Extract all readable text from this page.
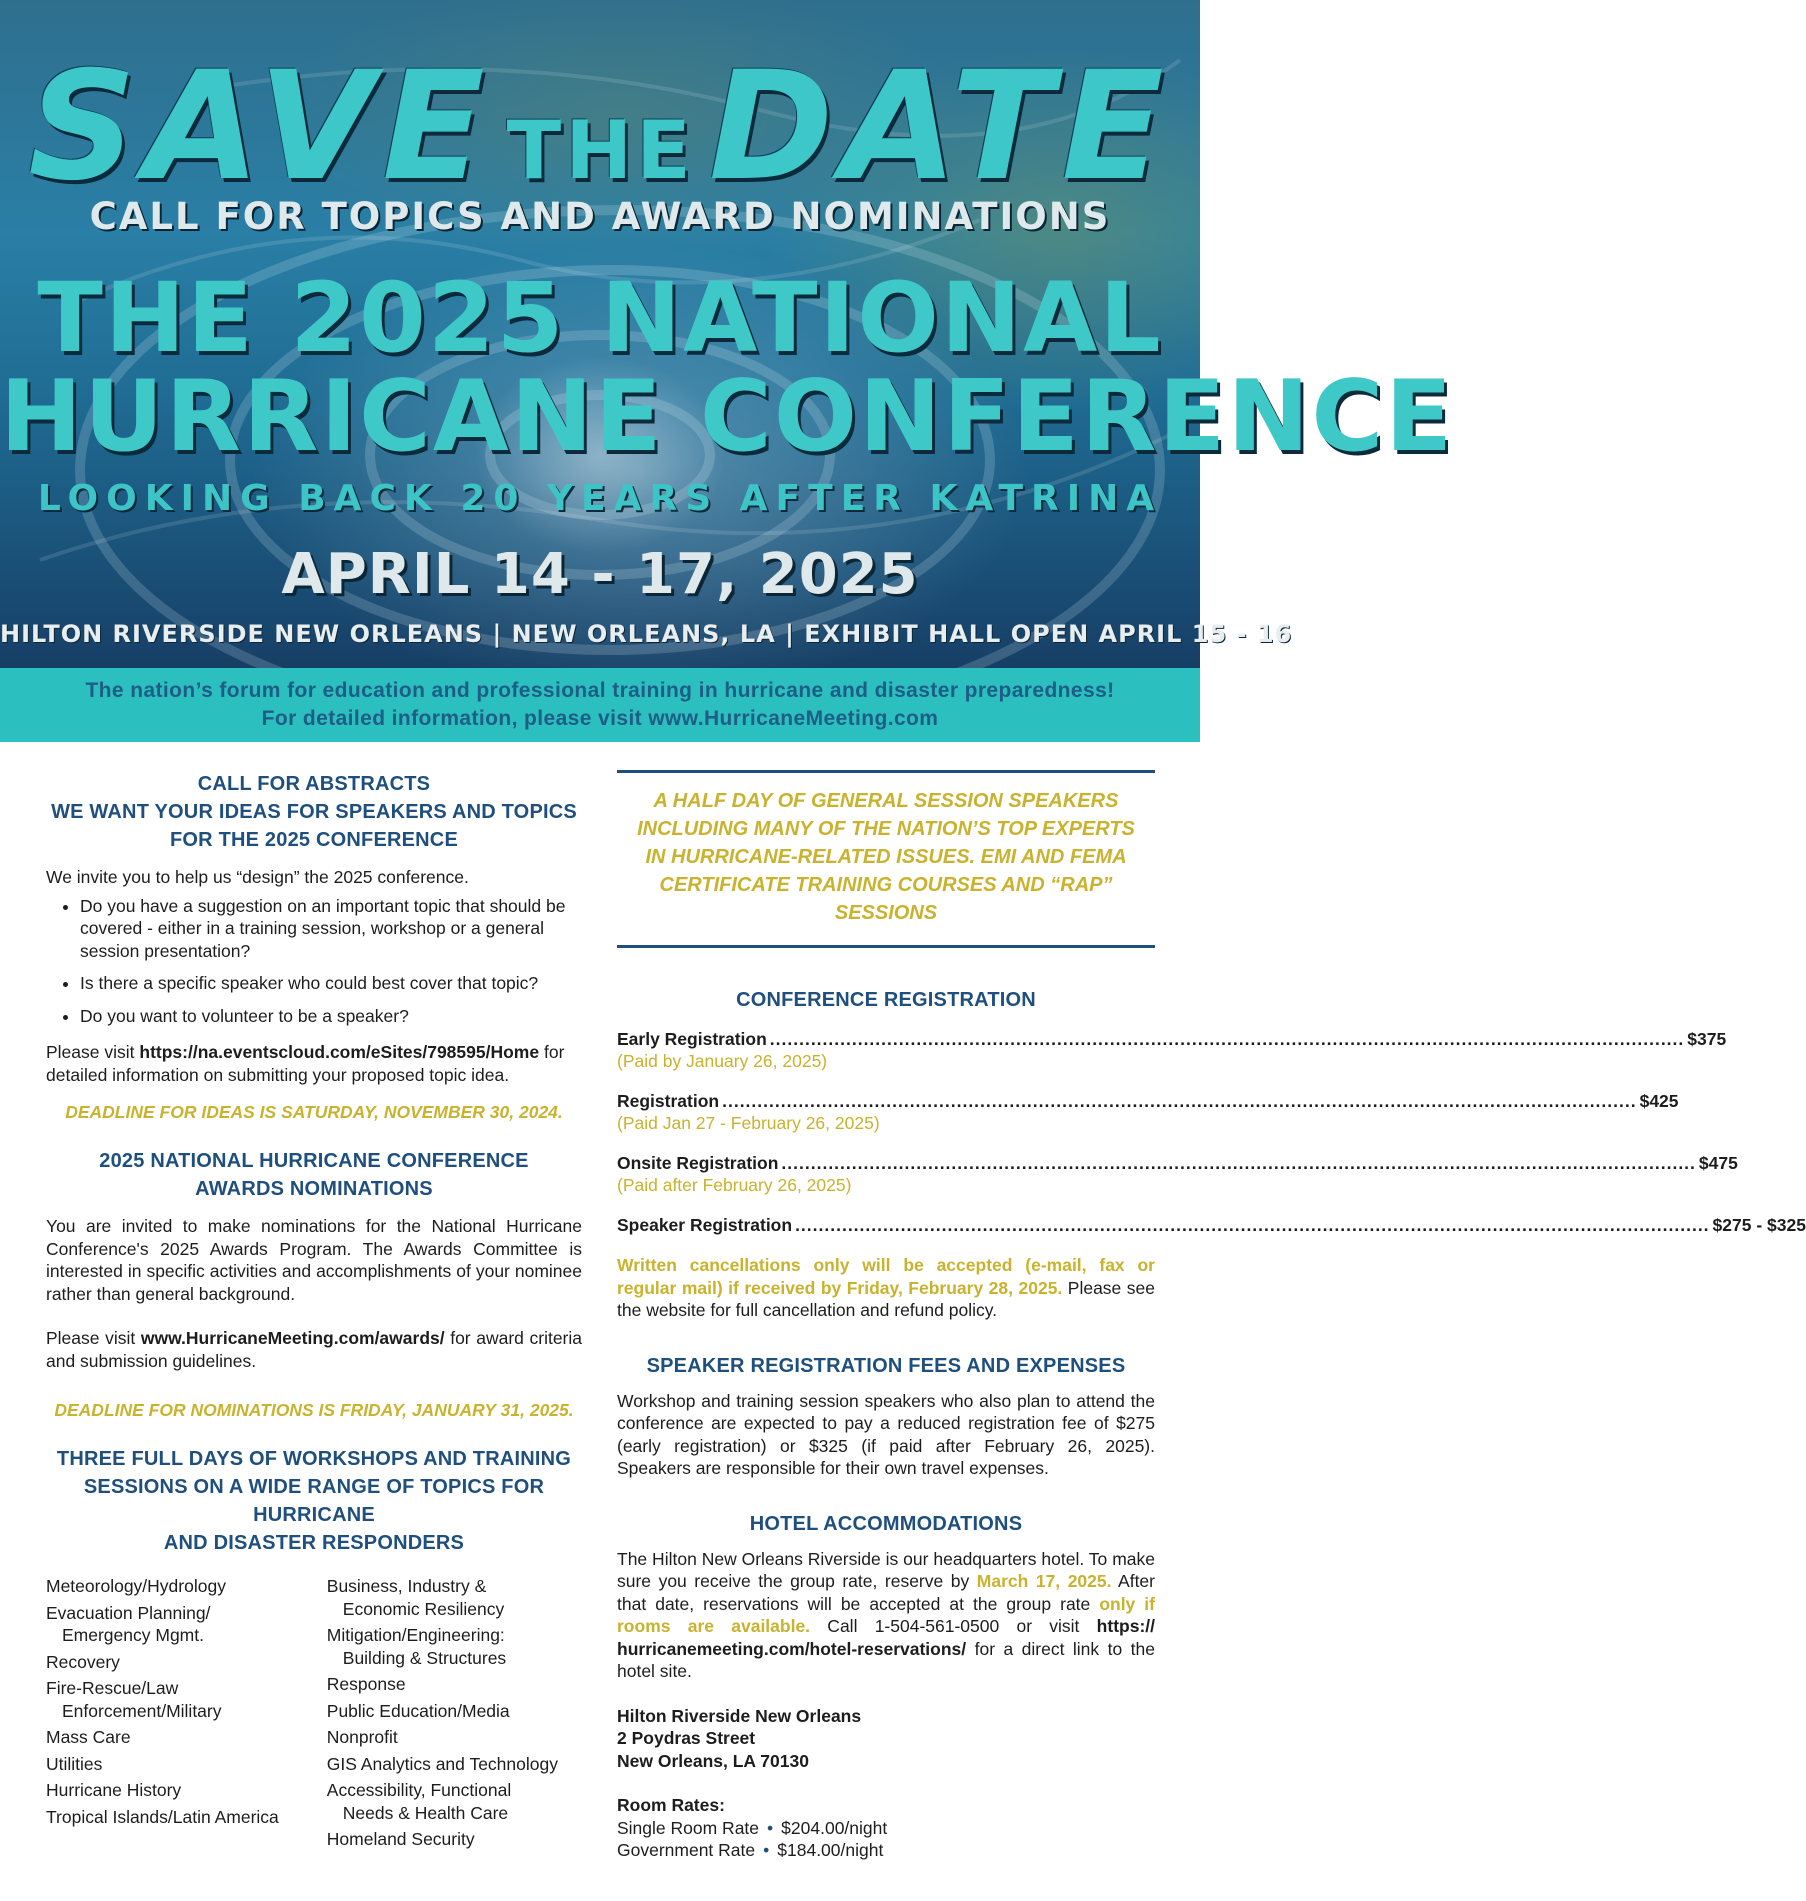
SAVE THEDATE
CALL FOR TOPICS AND AWARD NOMINATIONS
THE 2025 NATIONAL
HURRICANE CONFERENCE
LOOKING BACK 20 YEARS AFTER KATRINA
APRIL 14 - 17, 2025
HILTON RIVERSIDE NEW ORLEANS | NEW ORLEANS, LA | EXHIBIT HALL OPEN APRIL 15 - 16
The nation’s forum for education and professional training in hurricane and disaster preparedness!
For detailed information, please visit www.HurricaneMeeting.com
CALL FOR ABSTRACTS
WE WANT YOUR IDEAS FOR SPEAKERS AND TOPICS
FOR THE 2025 CONFERENCE
We invite you to help us “design” the 2025 conference.
• Do you have a suggestion on an important topic that should be covered - either in a training session, workshop or a general session presentation?
• Is there a specific speaker who could best cover that topic?
• Do you want to volunteer to be a speaker?
Please visit https://na.eventscloud.com/eSites/798595/Home for detailed information on submitting your proposed topic idea.
DEADLINE FOR IDEAS IS SATURDAY, NOVEMBER 30, 2024.
2025 NATIONAL HURRICANE CONFERENCE
AWARDS NOMINATIONS
You are invited to make nominations for the National Hurricane Conference's 2025 Awards Program. The Awards Committee is interested in specific activities and accomplishments of your nominee rather than general background.
Please visit www.HurricaneMeeting.com/awards/ for award criteria and submission guidelines.
DEADLINE FOR NOMINATIONS IS FRIDAY, JANUARY 31, 2025.
THREE FULL DAYS OF WORKSHOPS AND TRAINING
SESSIONS ON A WIDE RANGE OF TOPICS FOR HURRICANE
AND DISASTER RESPONDERS
Meteorology/Hydrology
Evacuation Planning/
Emergency Mgmt.
Recovery
Fire-Rescue/Law
Enforcement/Military
Mass Care
Utilities
Hurricane History
Tropical Islands/Latin America
Business, Industry &
Economic Resiliency
Mitigation/Engineering:
Building & Structures
Response
Public Education/Media
Nonprofit
GIS Analytics and Technology
Accessibility, Functional
Needs & Health Care
Homeland Security
A HALF DAY OF GENERAL SESSION SPEAKERS
INCLUDING MANY OF THE NATION’S TOP EXPERTS
IN HURRICANE-RELATED ISSUES. EMI AND FEMA
CERTIFICATE TRAINING COURSES AND “RAP” SESSIONS
CONFERENCE REGISTRATION
Early Registration .....	$375
(Paid by January 26, 2025)
Registration .....	$425
(Paid Jan 27 - February 26, 2025)
Onsite Registration .....	$475
(Paid after February 26, 2025)
Speaker Registration .....	$275 - $325
Written cancellations only will be accepted (e-mail, fax or regular mail) if received by Friday, February 28, 2025. Please see the website for full cancellation and refund policy.
SPEAKER REGISTRATION FEES AND EXPENSES
Workshop and training session speakers who also plan to attend the conference are expected to pay a reduced registration fee of $275 (early registration) or $325 (if paid after February 26, 2025). Speakers are responsible for their own travel expenses.
HOTEL ACCOMMODATIONS
The Hilton New Orleans Riverside is our headquarters hotel. To make sure you receive the group rate, reserve by March 17, 2025. After that date, reservations will be accepted at the group rate only if rooms are available. Call 1-504-561-0500 or visit https:// hurricanemeeting.com/hotel-reservations/ for a direct link to the hotel site.
Hilton Riverside New Orleans
2 Poydras Street
New Orleans, LA 70130
Room Rates:
Single Room Rate • $204.00/night
Government Rate • $184.00/night
